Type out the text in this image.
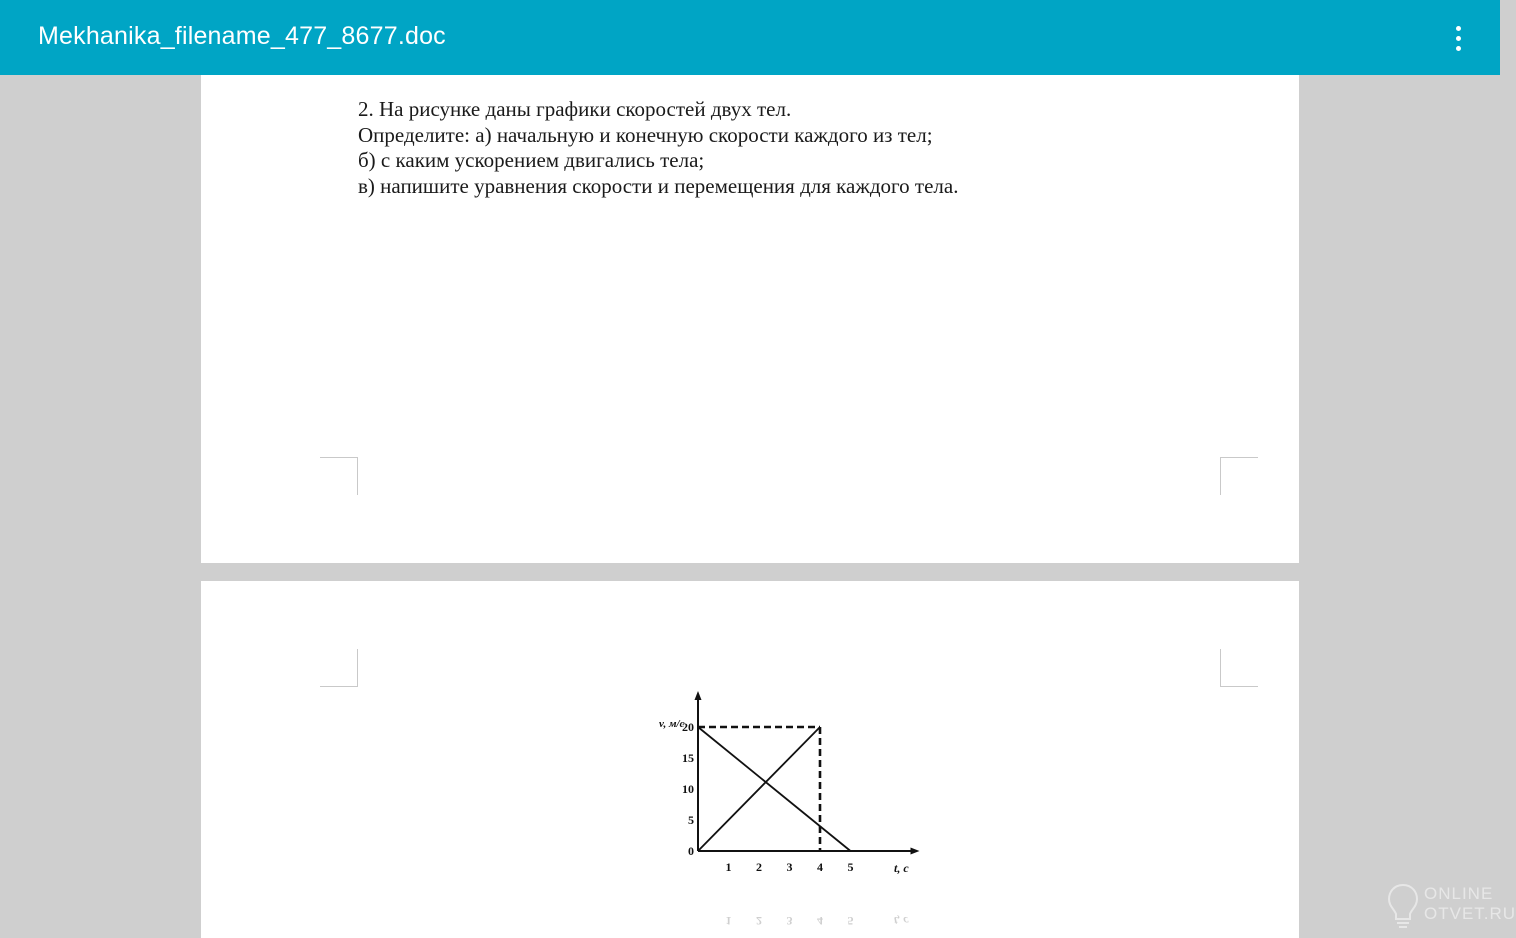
Mekhanika_filename_477_8677.doc
2. На рисунке даны графики скоростей двух тел.
Определите: а) начальную и конечную скорости каждого из тел;
б) с каким ускорением двигались тела;
в) напишите уравнения скорости и перемещения для каждого тела.
1 2 3 4 5
0
5
10
15
20
v, м/с
t, c
1 2 3 4 5	t, c
ONLINE
OTVET.RU
